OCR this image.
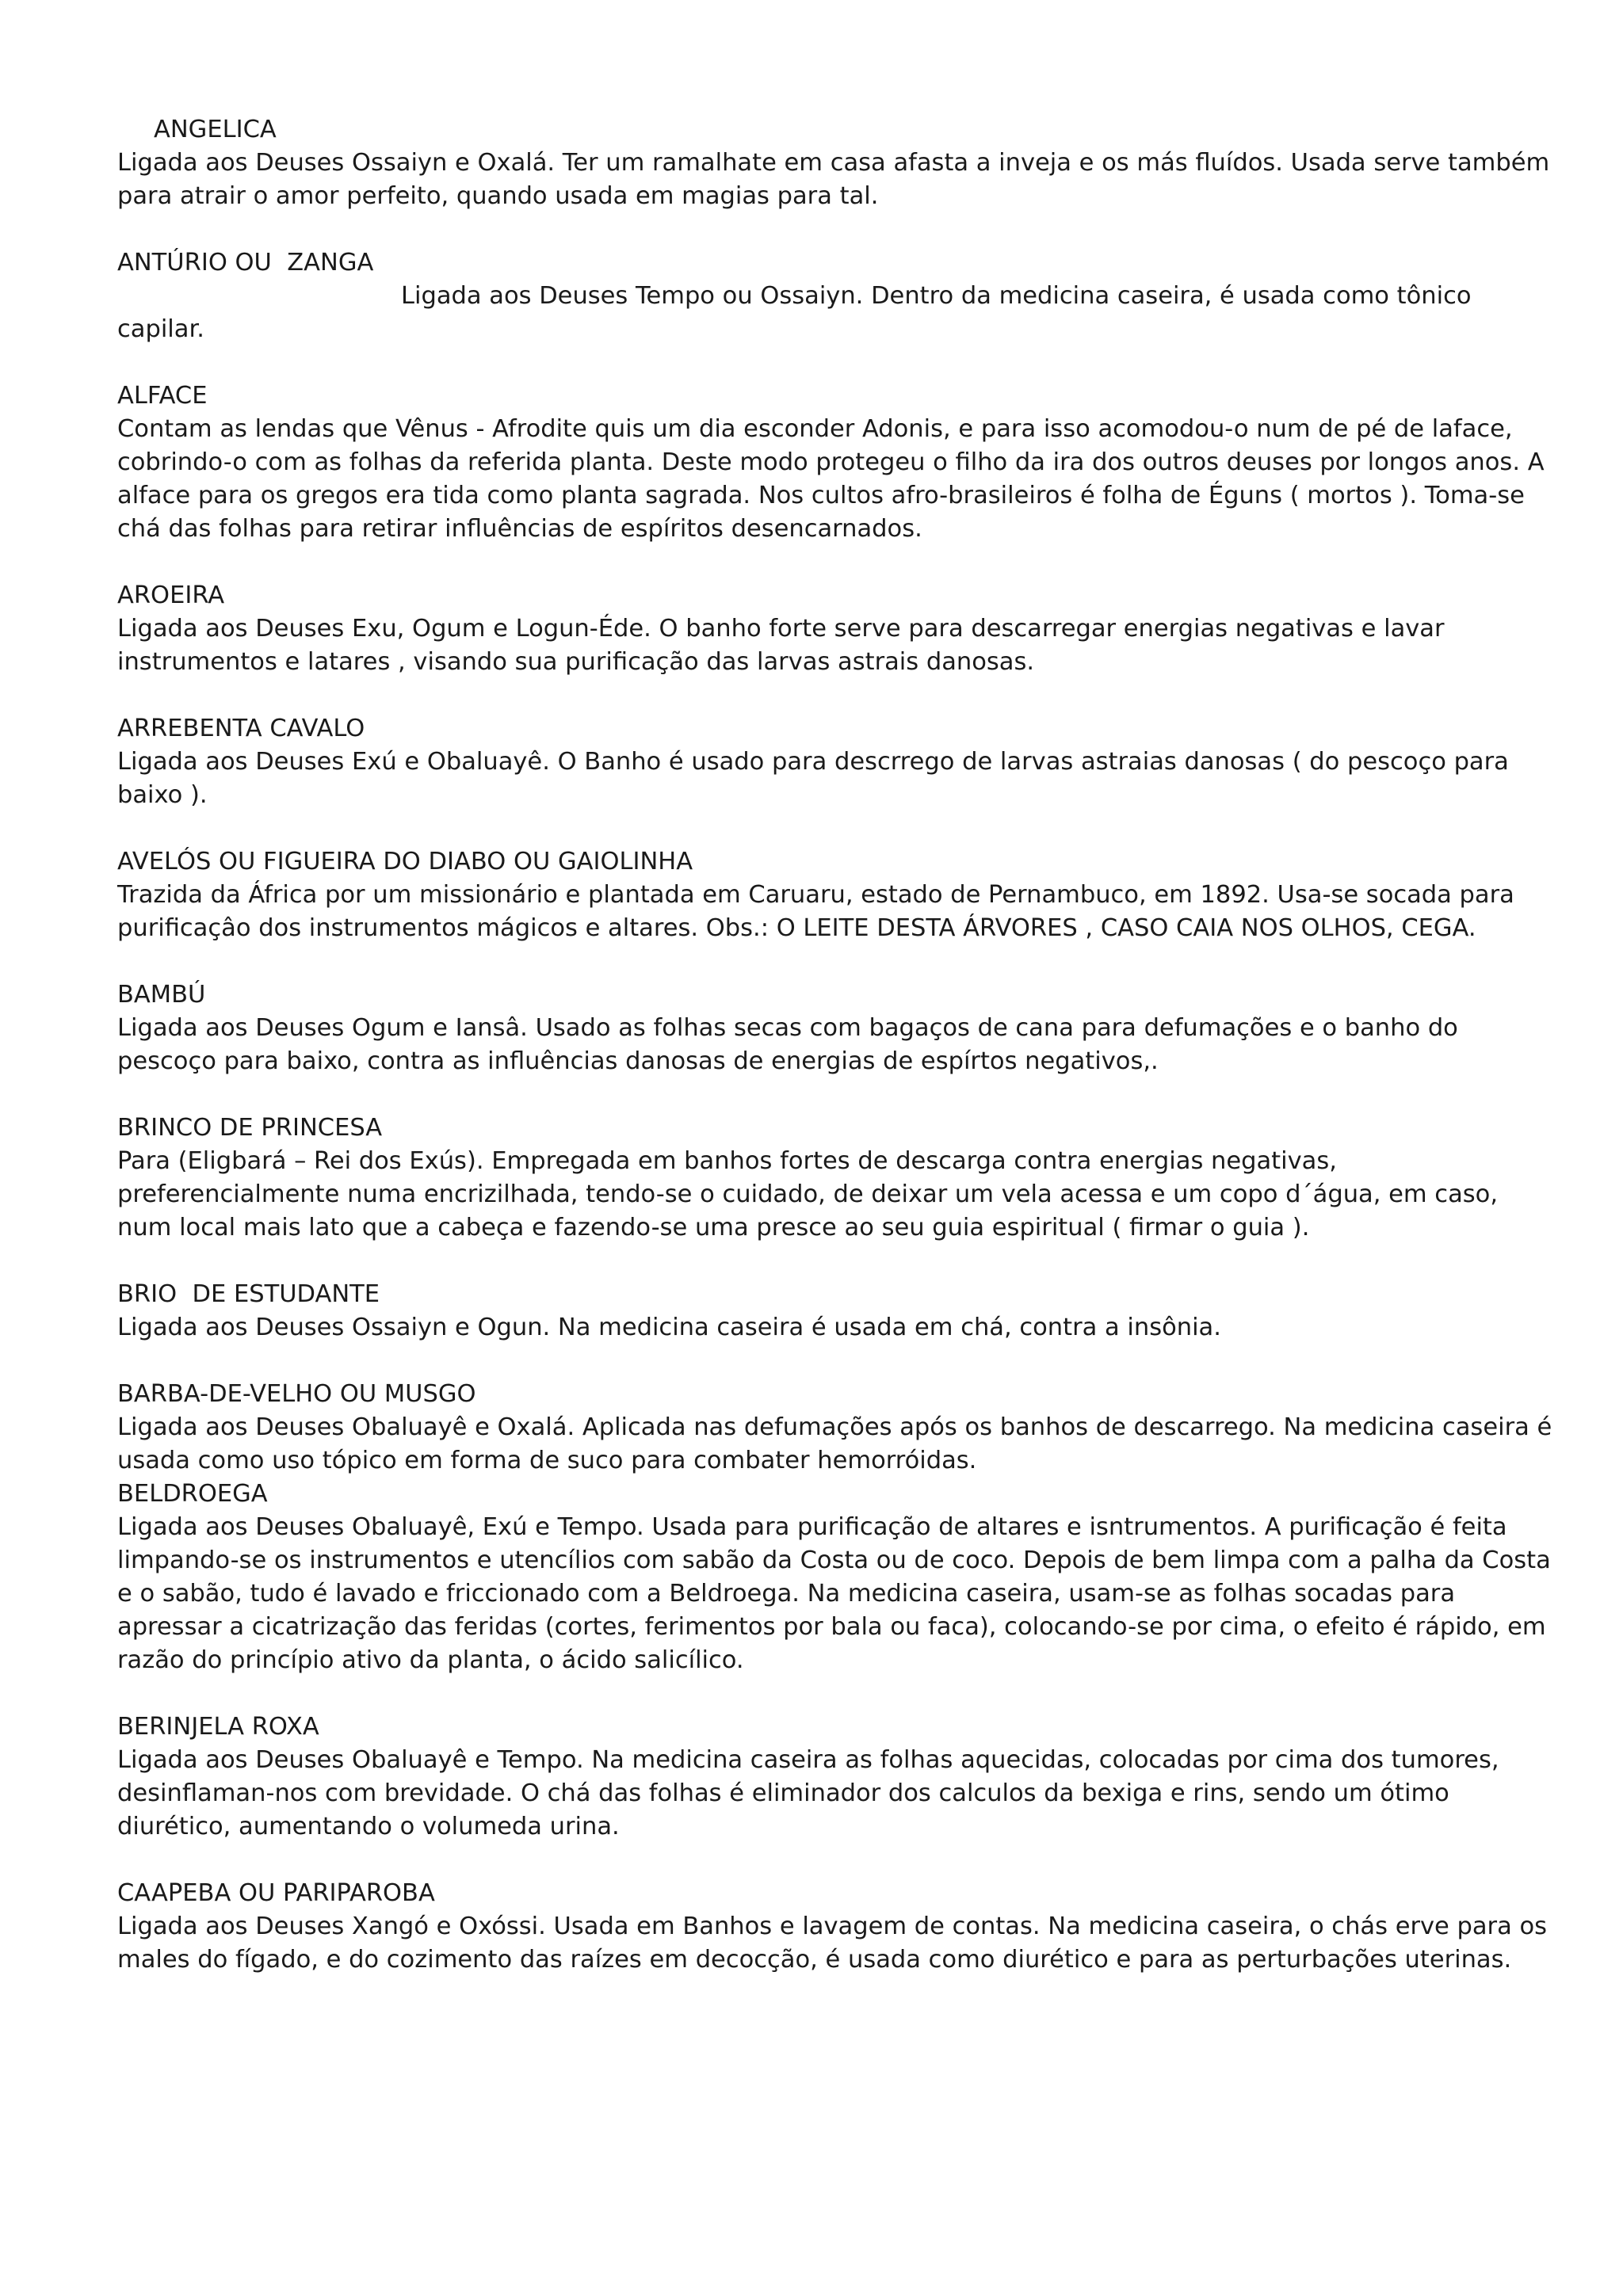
ANGELICA
Ligada aos Deuses Ossaiyn e Oxalá. Ter um ramalhate em casa afasta a inveja e os más fluídos. Usada serve também para atrair o amor perfeito, quando usada em magias para tal.
ANTÚRIO OU  ZANGA
Ligada aos Deuses Tempo ou Ossaiyn. Dentro da medicina caseira, é usada como tônico capilar.
ALFACE
Contam as lendas que Vênus - Afrodite quis um dia esconder Adonis, e para isso acomodou-o num de pé de laface, cobrindo-o com as folhas da referida planta. Deste modo protegeu o filho da ira dos outros deuses por longos anos. A alface para os gregos era tida como planta sagrada. Nos cultos afro-brasileiros é folha de Éguns ( mortos ). Toma-se chá das folhas para retirar influências de espíritos desencarnados.
AROEIRA
Ligada aos Deuses Exu, Ogum e Logun-Éde. O banho forte serve para descarregar energias negativas e lavar instrumentos e latares , visando sua purificação das larvas astrais danosas.
ARREBENTA CAVALO
Ligada aos Deuses Exú e Obaluayê. O Banho é usado para descrrego de larvas astraias danosas ( do pescoço para baixo ).
AVELÓS OU FIGUEIRA DO DIABO OU GAIOLINHA
Trazida da África por um missionário e plantada em Caruaru, estado de Pernambuco, em 1892. Usa-se socada para purificaçâo dos instrumentos mágicos e altares. Obs.: O LEITE DESTA ÁRVORES , CASO CAIA NOS OLHOS, CEGA.
BAMBÚ
Ligada aos Deuses Ogum e Iansâ. Usado as folhas secas com bagaços de cana para defumações e o banho do pescoço para baixo, contra as influências danosas de energias de espírtos negativos,.
BRINCO DE PRINCESA
Para (Eligbará – Rei dos Exús). Empregada em banhos fortes de descarga contra energias negativas, preferencialmente numa encrizilhada, tendo-se o cuidado, de deixar um vela acessa e um copo d´água, em caso, num local mais lato que a cabeça e fazendo-se uma presce ao seu guia espiritual ( firmar o guia ).
BRIO  DE ESTUDANTE
Ligada aos Deuses Ossaiyn e Ogun. Na medicina caseira é usada em chá, contra a insônia.
BARBA-DE-VELHO OU MUSGO
Ligada aos Deuses Obaluayê e Oxalá. Aplicada nas defumações após os banhos de descarrego. Na medicina caseira é usada como uso tópico em forma de suco para combater hemorróidas.
BELDROEGA
Ligada aos Deuses Obaluayê, Exú e Tempo. Usada para purificação de altares e isntrumentos. A purificação é feita limpando-se os instrumentos e utencílios com sabão da Costa ou de coco. Depois de bem limpa com a palha da Costa e o sabão, tudo é lavado e friccionado com a Beldroega. Na medicina caseira, usam-se as folhas socadas para apressar a cicatrização das feridas (cortes, ferimentos por bala ou faca), colocando-se por cima, o efeito é rápido, em razão do princípio ativo da planta, o ácido salicílico.
BERINJELA ROXA
Ligada aos Deuses Obaluayê e Tempo. Na medicina caseira as folhas aquecidas, colocadas por cima dos tumores, desinflaman-nos com brevidade. O chá das folhas é eliminador dos calculos da bexiga e rins, sendo um ótimo diurético, aumentando o volumeda urina.
CAAPEBA OU PARIPAROBA
Ligada aos Deuses Xangó e Oxóssi. Usada em Banhos e lavagem de contas. Na medicina caseira, o chás erve para os males do fígado, e do cozimento das raízes em decocção, é usada como diurético e para as perturbações uterinas.
